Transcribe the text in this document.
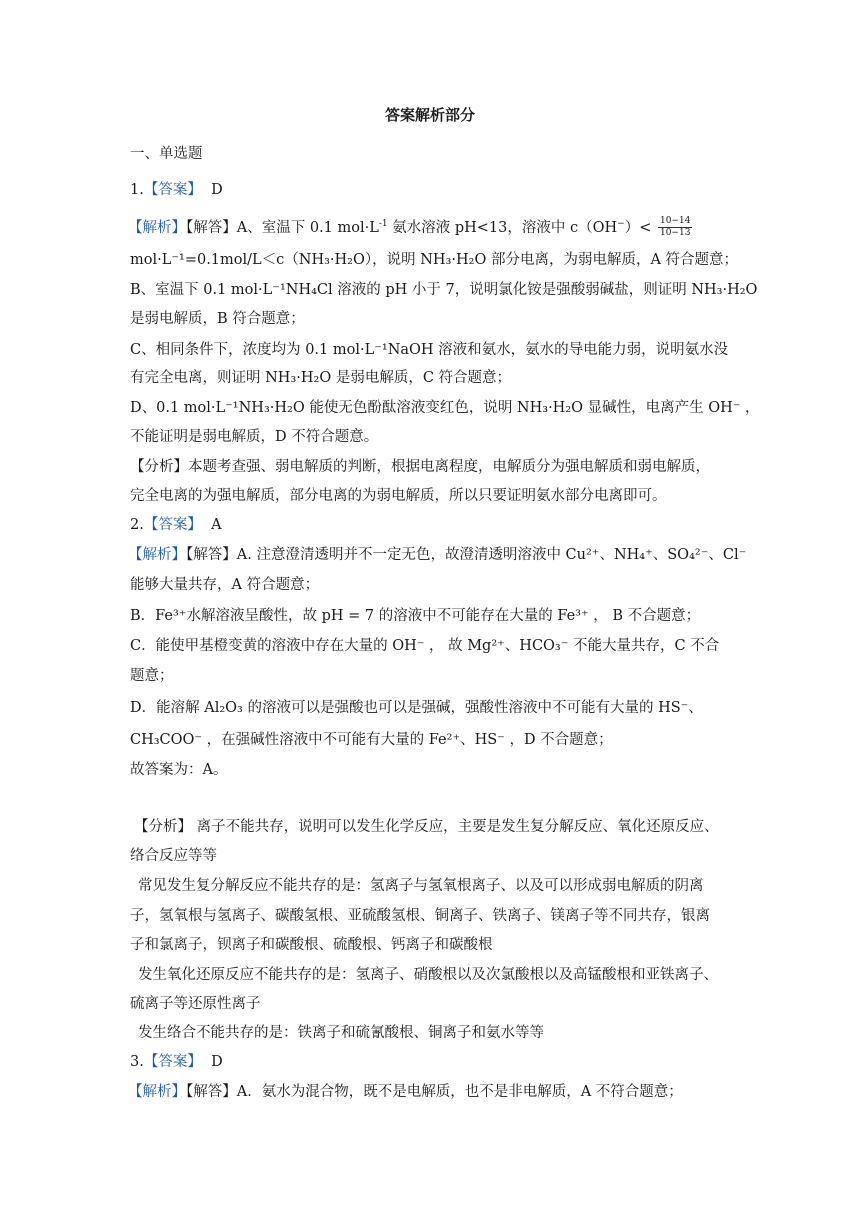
答案解析部分
一、单选题
1.【答案】 D
【解析】【解答】A、室温下 0.1 $mol\cdot L^{-1}$ 氨水溶液 pH<13，溶液中 $c(OH^-)< \frac{10-14}{10-13}$
mol·L⁻¹=0.1mol/L＜c（NH₃·H₂O），说明 NH₃·H₂O 部分电离，为弱电解质，A 符合题意；
B、室温下 0.1 mol·L⁻¹NH₄Cl 溶液的 pH 小于 7，说明氯化铵是强酸弱碱盐，则证明 NH₃·H₂O
是弱电解质，B 符合题意；
C、相同条件下，浓度均为 0.1 mol·L⁻¹NaOH 溶液和氨水，氨水的导电能力弱，说明氨水没
有完全电离，则证明 NH₃·H₂O 是弱电解质，C 符合题意；
D、0.1 mol·L⁻¹NH₃·H₂O 能使无色酚酞溶液变红色，说明 NH₃·H₂O 显碱性，电离产生 OH⁻ ，
不能证明是弱电解质，D 不符合题意。
【分析】本题考查强、弱电解质的判断，根据电离程度，电解质分为强电解质和弱电解质，
完全电离的为强电解质，部分电离的为弱电解质，所以只要证明氨水部分电离即可。
2.【答案】 A
【解析】【解答】A. 注意澄清透明并不一定无色，故澄清透明溶液中 Cu²⁺、NH₄⁺、SO₄²⁻、Cl⁻
能够大量共存，A 符合题意；
B．Fe³⁺水解溶液呈酸性，故 pH = 7 的溶液中不可能存在大量的 Fe³⁺ ， B 不合题意；
C．能使甲基橙变黄的溶液中存在大量的 OH⁻ ， 故 Mg²⁺、HCO₃⁻ 不能大量共存，C 不合
题意；
D．能溶解 Al₂O₃ 的溶液可以是强酸也可以是强碱，强酸性溶液中不可能有大量的 HS⁻、
CH₃COO⁻ ，在强碱性溶液中不可能有大量的 Fe²⁺、HS⁻ ，D 不合题意；
故答案为：A。
【分析】 离子不能共存，说明可以发生化学反应，主要是发生复分解反应、氧化还原反应、
络合反应等等
常见发生复分解反应不能共存的是：氢离子与氢氧根离子、以及可以形成弱电解质的阴离
子，氢氧根与氢离子、碳酸氢根、亚硫酸氢根、铜离子、铁离子、镁离子等不同共存，银离
子和氯离子，钡离子和碳酸根、硫酸根、钙离子和碳酸根
发生氧化还原反应不能共存的是：氢离子、硝酸根以及次氯酸根以及高锰酸根和亚铁离子、
硫离子等还原性离子
发生络合不能共存的是：铁离子和硫氰酸根、铜离子和氨水等等
3.【答案】 D
【解析】【解答】A．氨水为混合物，既不是电解质，也不是非电解质，A 不符合题意；
